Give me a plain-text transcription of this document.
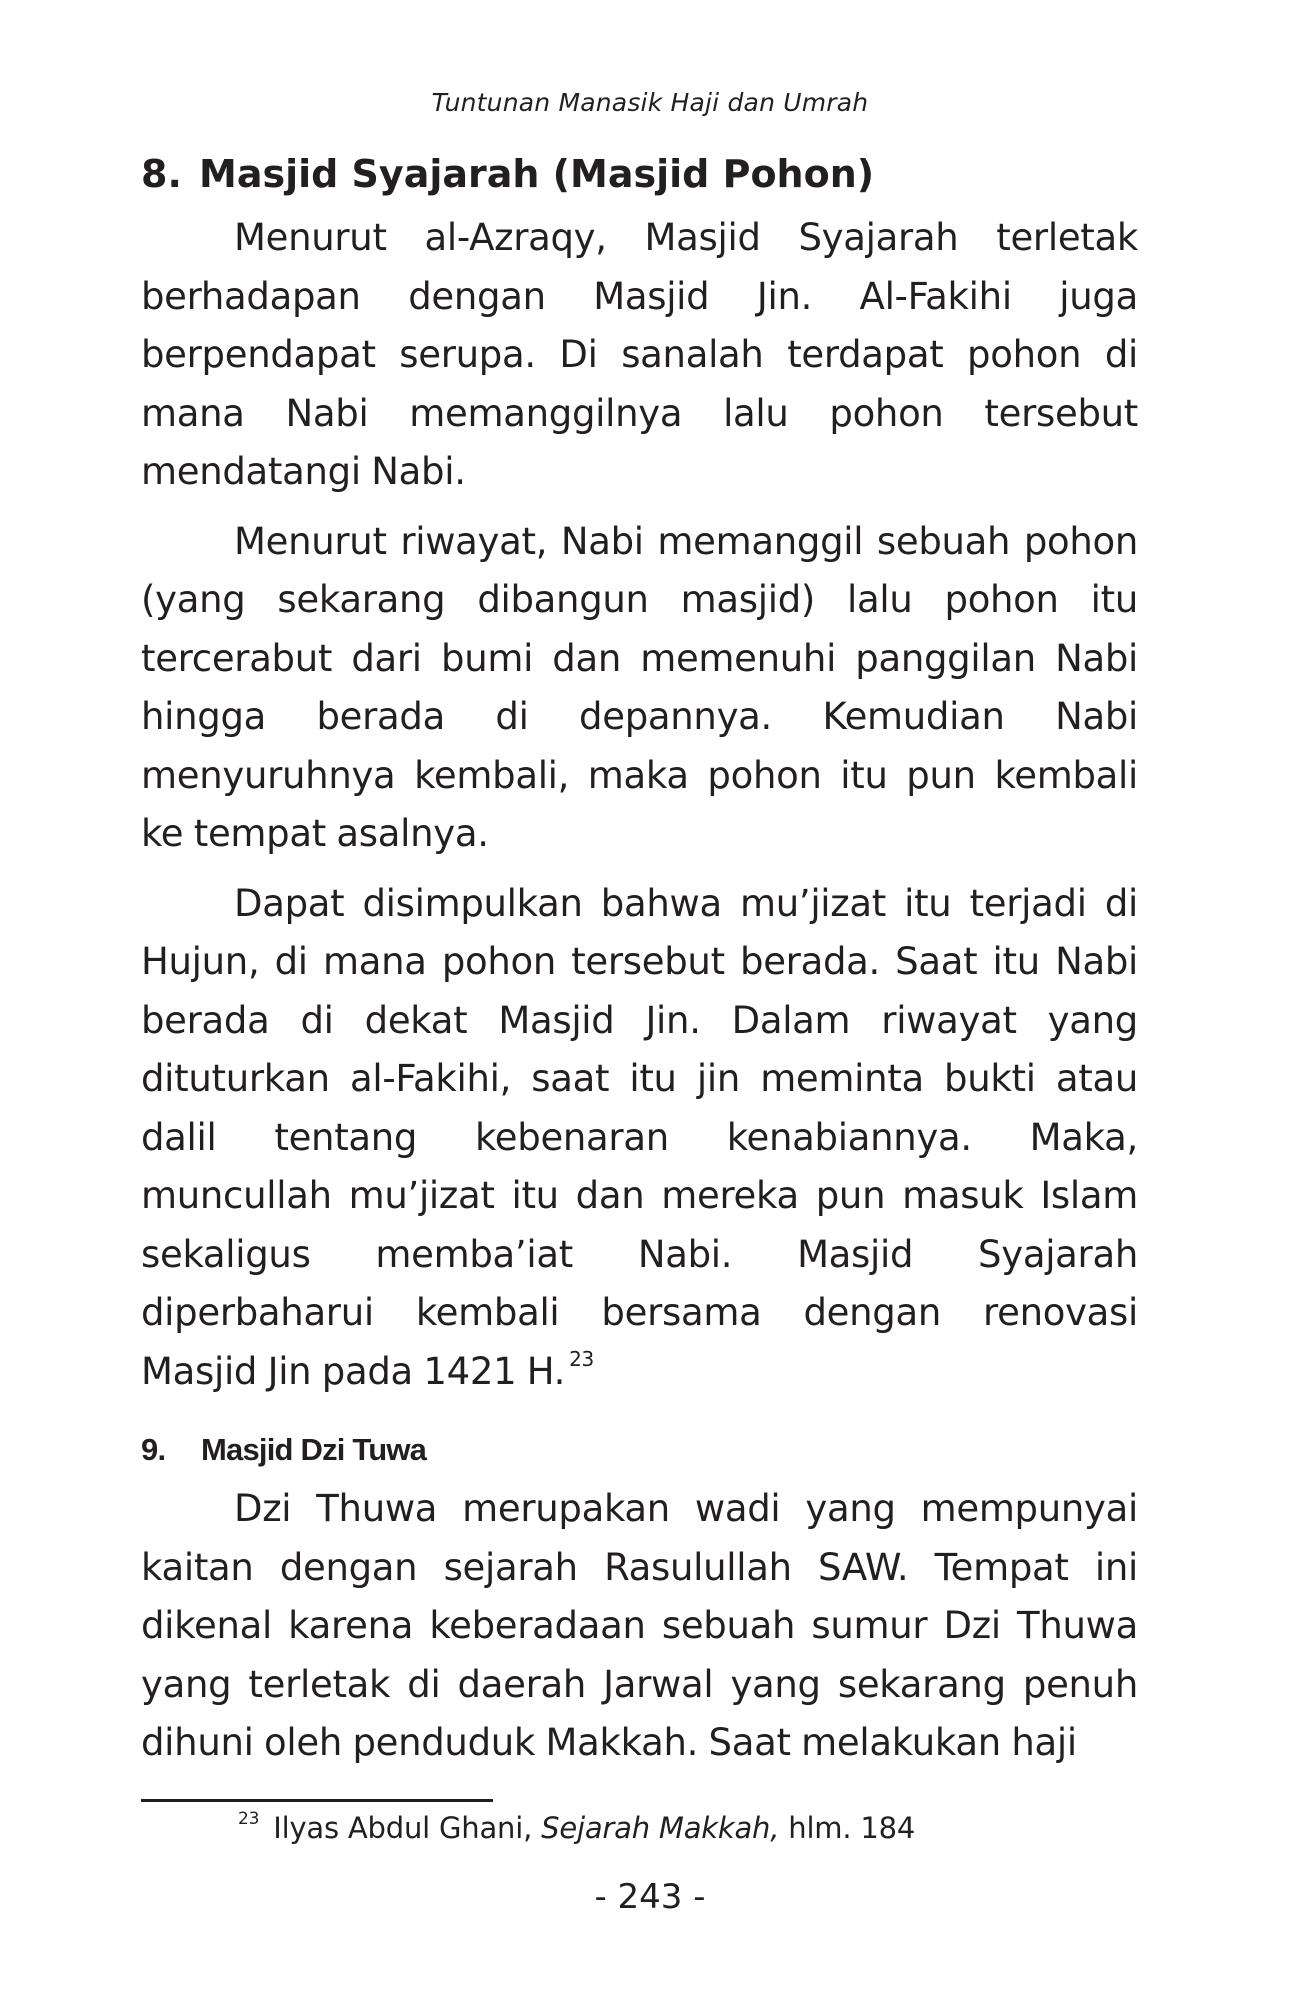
Tuntunan Manasik Haji dan Umrah
8. Masjid Syajarah (Masjid Pohon)

Menurut al-Azraqy, Masjid Syajarah terletak berhadapan dengan Masjid Jin. Al-Fakihi juga berpendapat serupa. Di sanalah terdapat pohon di mana Nabi memanggilnya lalu pohon tersebut mendatangi Nabi.

Menurut riwayat, Nabi memanggil sebuah pohon (yang sekarang dibangun masjid) lalu pohon itu tercerabut dari bumi dan memenuhi panggilan Nabi hingga berada di depannya. Kemudian Nabi menyuruhnya kembali, maka pohon itu pun kembali ke tempat asalnya.

Dapat disimpulkan bahwa mu’jizat itu terjadi di Hujun, di mana pohon tersebut berada. Saat itu Nabi berada di dekat Masjid Jin. Dalam riwayat yang dituturkan al-Fakihi, saat itu jin meminta bukti atau dalil tentang kebenaran kenabiannya. Maka, muncullah mu’jizat itu dan mereka pun masuk Islam sekaligus memba’iat Nabi. Masjid Syajarah diperbaharui kembali bersama dengan renovasi Masjid Jin pada 1421 H. $^{23}$

9.	Masjid Dzi Tuwa

Dzi Thuwa merupakan wadi yang mempunyai kaitan dengan sejarah Rasulullah SAW. Tempat ini dikenal karena keberadaan sebuah sumur Dzi Thuwa yang terletak di daerah Jarwal yang sekarang penuh dihuni oleh penduduk Makkah. Saat melakukan haji

$^{23}$ Ilyas Abdul Ghani, Sejarah Makkah, hlm. 184
- 243 -
